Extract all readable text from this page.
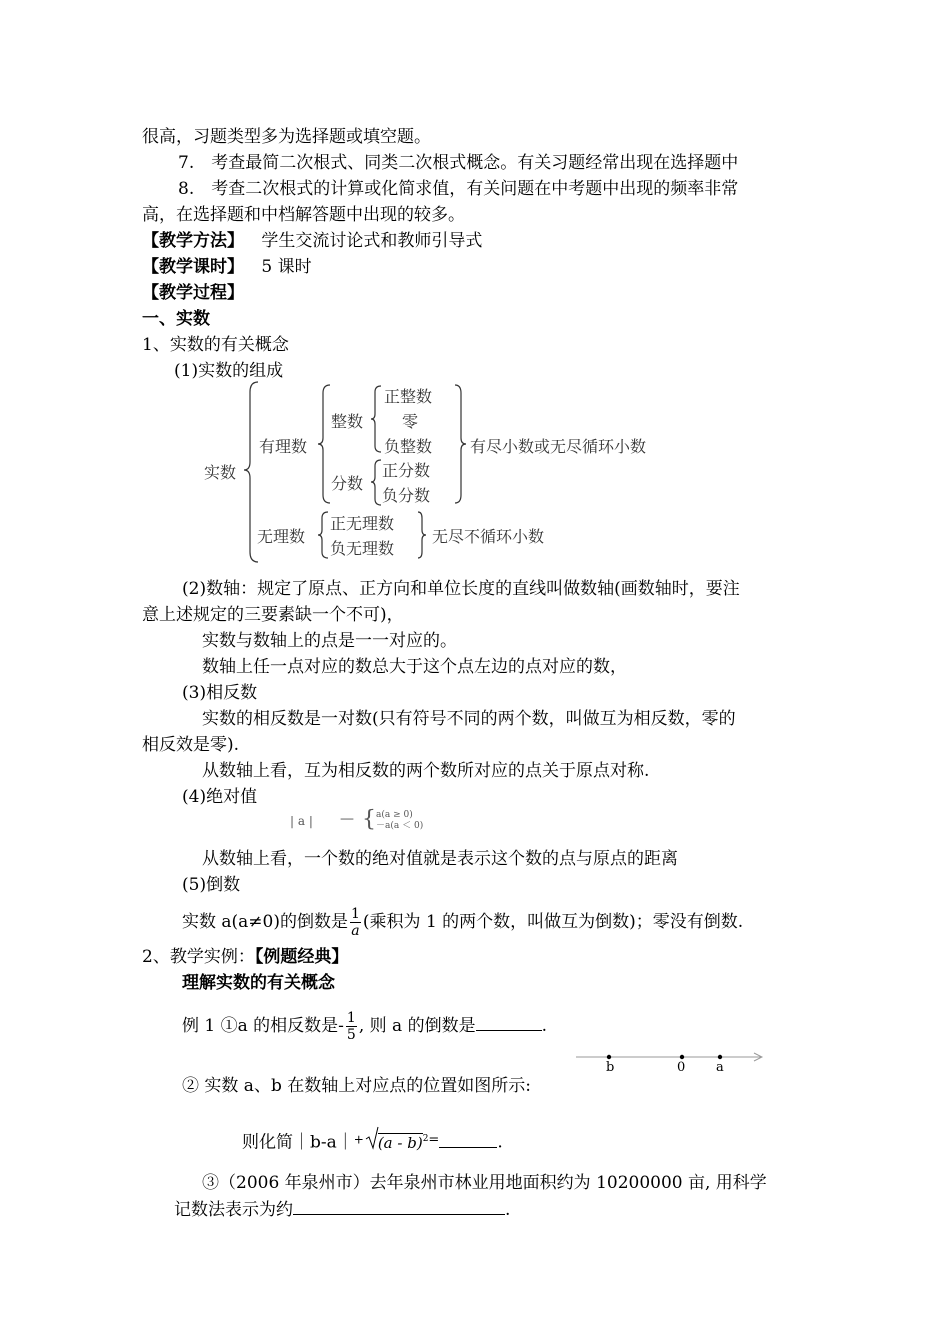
很高，习题类型多为选择题或填空题。
7.　考查最简二次根式、同类二次根式概念。有关习题经常出现在选择题中
8.　考查二次根式的计算或化简求值，有关问题在中考题中出现的频率非常
高，在选择题和中档解答题中出现的较多。
【教学方法】 学生交流讨论式和教师引导式
【教学课时】 5 课时
【教学过程】
一、实数
1、实数的有关概念
(1)实数的组成
实数
有理数
整数
正整数
零
负整数 有尽小数或无尽循环小数
分数
正分数
负分数
无理数
正无理数
负无理数
无尽不循环小数
(2)数轴：规定了原点、正方向和单位长度的直线叫做数轴(画数轴时，要注
意上述规定的三要素缺一个不可)，
实数与数轴上的点是一一对应的。
数轴上任一点对应的数总大于这个点左边的点对应的数，
(3)相反数
实数的相反数是一对数(只有符号不同的两个数，叫做互为相反数，零的
相反效是零).
从数轴上看，互为相反数的两个数所对应的点关于原点对称.
(4)绝对值
| a | — { a(a ≥ 0)
－a(a ＜ 0)
从数轴上看，一个数的绝对值就是表示这个数的点与原点的距离
(5)倒数
实数 a(a≠0)的倒数是 $\frac{1}{a}$ (乘积为 1 的两个数，叫做互为倒数)；零没有倒数.
2、教学实例：【例题经典】
理解实数的有关概念
例 1 ①a 的相反数是- $\frac{1}{5}$ , 则 a 的倒数是	.
b	0 a
② 实数 a、b 在数轴上对应点的位置如图所示:
则化简｜b-a｜+ (a - b)$^{2=}$	.
③（2006 年泉州市）去年泉州市林业用地面积约为 10200000 亩, 用科学
记数法表示为约	.
